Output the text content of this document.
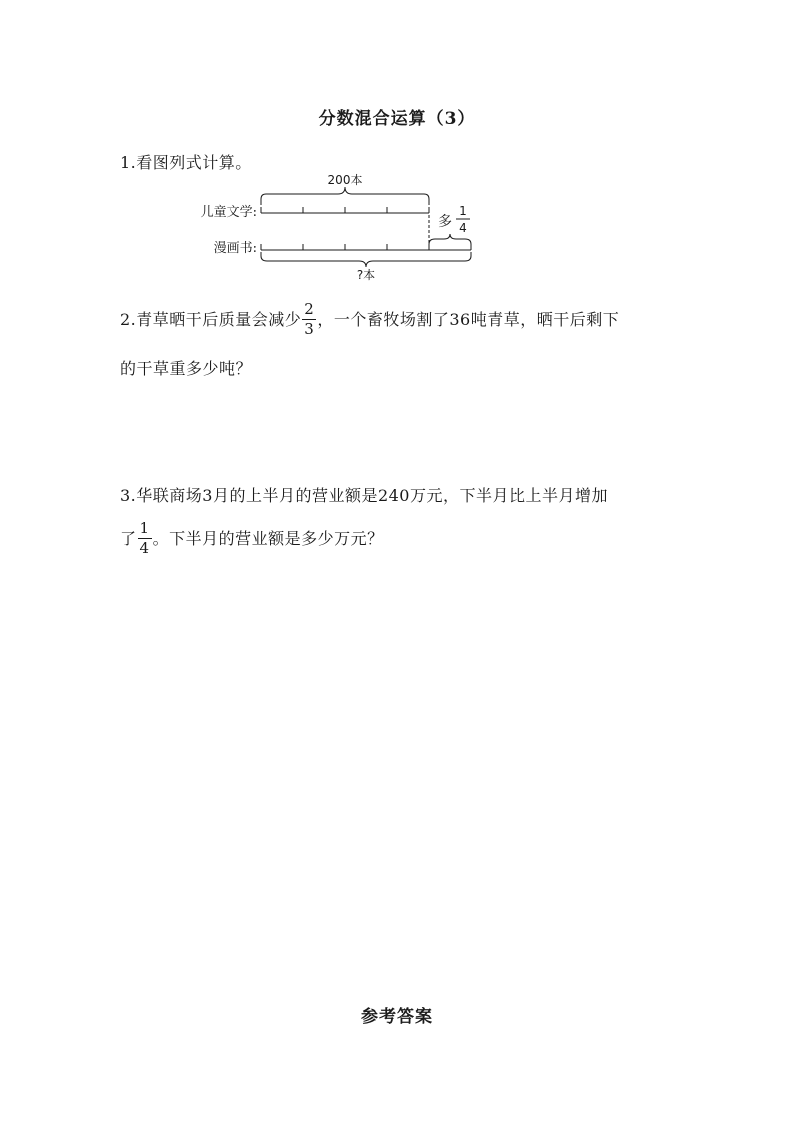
分数混合运算（3）
1.看图列式计算。
200本
儿童文学:
多
1
4
漫画书:
?本
2.青草晒干后质量会减少 $\frac{2}{3}$ ，一个畜牧场割了36吨青草，晒干后剩下
的干草重多少吨？
3.华联商场3月的上半月的营业额是240万元，下半月比上半月增加
了 $\frac{1}{4}$ 。下半月的营业额是多少万元？
参考答案
